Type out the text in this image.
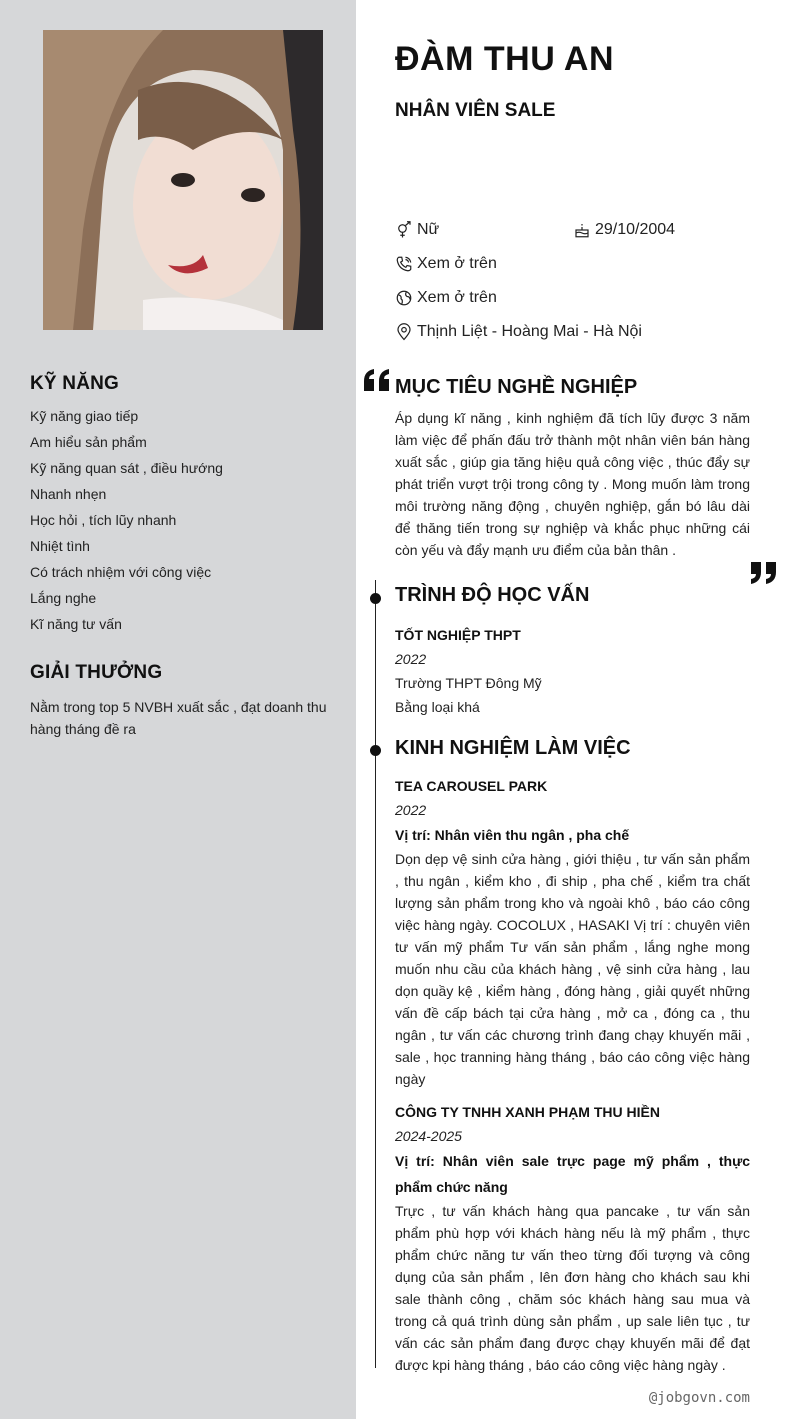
KỸ NĂNG
Kỹ năng giao tiếp
Am hiểu sản phẩm
Kỹ năng quan sát , điều hướng
Nhanh nhẹn
Học hỏi , tích lũy nhanh
Nhiệt tình
Có trách nhiệm với công việc
Lắng nghe
Kĩ năng tư vấn
GIẢI THƯỞNG
Nằm trong top 5 NVBH xuất sắc , đạt doanh thu hàng tháng đề ra
ĐÀM THU AN
NHÂN VIÊN SALE
Nữ	29/10/2004
Xem ở trên
Xem ở trên
Thịnh Liệt - Hoàng Mai - Hà Nội
MỤC TIÊU NGHỀ NGHIỆP
Áp dụng kĩ năng , kinh nghiệm đã tích lũy được 3 năm làm việc để phấn đấu trở thành một nhân viên bán hàng xuất sắc , giúp gia tăng hiệu quả công việc , thúc đẩy sự phát triển vượt trội trong công ty . Mong muốn làm trong môi trường năng động , chuyên nghiệp, gắn bó lâu dài để thăng tiến trong sự nghiệp và khắc phục những cái còn yếu và đẩy mạnh ưu điểm của bản thân .
TRÌNH ĐỘ HỌC VẤN
TỐT NGHIỆP THPT
2022
Trường THPT Đông Mỹ
Bằng loại khá
KINH NGHIỆM LÀM VIỆC
TEA CAROUSEL PARK
2022
Vị trí: Nhân viên thu ngân , pha chế
Dọn dẹp vệ sinh cửa hàng , giới thiệu , tư vấn sản phẩm , thu ngân , kiểm kho , đi ship , pha chế , kiểm tra chất lượng sản phẩm trong kho và ngoài khô , báo cáo công việc hàng ngày. COCOLUX , HASAKI Vị trí : chuyên viên tư vấn mỹ phẩm Tư vấn sản phẩm , lắng nghe mong muốn nhu cầu của khách hàng , vệ sinh cửa hàng , lau dọn quầy kệ , kiểm hàng , đóng hàng , giải quyết những vấn đề cấp bách tại cửa hàng , mở ca , đóng ca , thu ngân , tư vấn các chương trình đang chạy khuyến mãi , sale , học tranning hàng tháng , báo cáo công việc hàng ngày
CÔNG TY TNHH XANH PHẠM THU HIỀN
2024-2025
Vị trí: Nhân viên sale trực page mỹ phẩm , thực phẩm chức năng
Trực , tư vấn khách hàng qua pancake , tư vấn sản phẩm phù hợp với khách hàng nếu là mỹ phẩm , thực phẩm chức năng tư vấn theo từng đối tượng và công dụng của sản phẩm , lên đơn hàng cho khách sau khi sale thành công , chăm sóc khách hàng sau mua và trong cả quá trình dùng sản phẩm , up sale liên tục , tư vấn các sản phẩm đang được chạy khuyến mãi để đạt được kpi hàng tháng , báo cáo công việc hàng ngày .
@jobgovn.com
